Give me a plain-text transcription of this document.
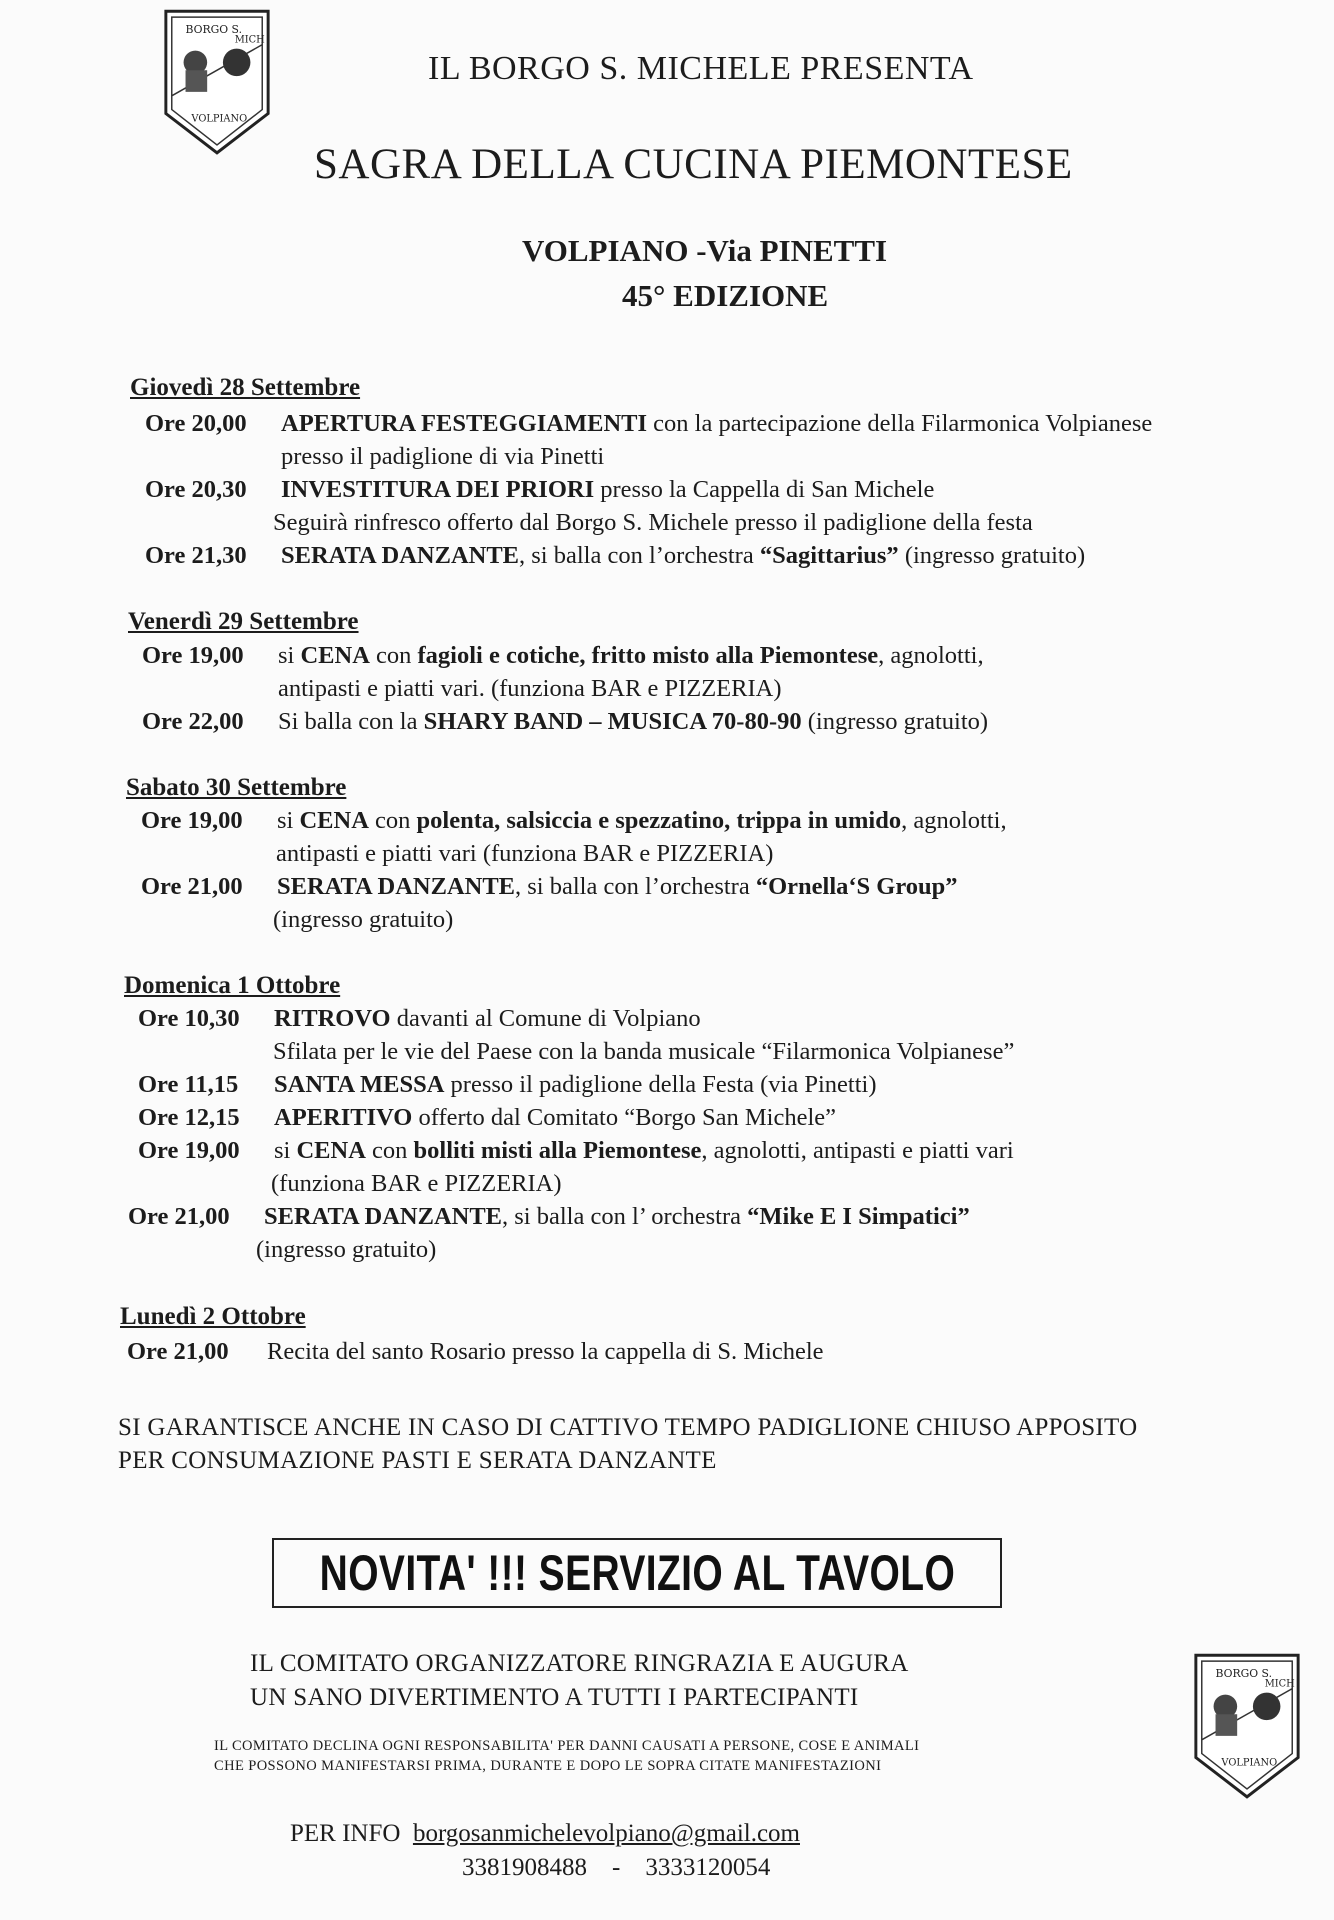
BORGO S.
MICH
VOLPIANO
IL BORGO S. MICHELE PRESENTA
SAGRA DELLA CUCINA PIEMONTESE
VOLPIANO -Via PINETTI
45° EDIZIONE
Giovedì 28 Settembre
Ore 20,00 APERTURA FESTEGGIAMENTI con la partecipazione della Filarmonica Volpianese
presso il padiglione di via Pinetti
Ore 20,30 INVESTITURA DEI PRIORI presso la Cappella di San Michele
Seguirà rinfresco offerto dal Borgo S. Michele presso il padiglione della festa
Ore 21,30 SERATA DANZANTE, si balla con l’orchestra “Sagittarius” (ingresso gratuito)
Venerdì 29 Settembre
Ore 19,00 si CENA con fagioli e cotiche, fritto misto alla Piemontese, agnolotti,
antipasti e piatti vari. (funziona BAR e PIZZERIA)
Ore 22,00 Si balla con la SHARY BAND – MUSICA 70-80-90 (ingresso gratuito)
Sabato 30 Settembre
Ore 19,00 si CENA con polenta, salsiccia e spezzatino, trippa in umido, agnolotti,
antipasti e piatti vari (funziona BAR e PIZZERIA)
Ore 21,00 SERATA DANZANTE, si balla con l’orchestra “Ornella‘S Group”
(ingresso gratuito)
Domenica 1 Ottobre
Ore 10,30 RITROVO davanti al Comune di Volpiano
Sfilata per le vie del Paese con la banda musicale “Filarmonica Volpianese”
Ore 11,15 SANTA MESSA presso il padiglione della Festa (via Pinetti)
Ore 12,15 APERITIVO offerto dal Comitato “Borgo San Michele”
Ore 19,00 si CENA con bolliti misti alla Piemontese, agnolotti, antipasti e piatti vari
(funziona BAR e PIZZERIA)
Ore 21,00 SERATA DANZANTE, si balla con l’ orchestra “Mike E I Simpatici”
(ingresso gratuito)
Lunedì 2 Ottobre
Ore 21,00 Recita del santo Rosario presso la cappella di S. Michele
SI GARANTISCE ANCHE IN CASO DI CATTIVO TEMPO PADIGLIONE CHIUSO APPOSITO
PER CONSUMAZIONE PASTI E SERATA DANZANTE
NOVITA' !!! SERVIZIO AL TAVOLO
IL COMITATO ORGANIZZATORE RINGRAZIA E AUGURA
UN SANO DIVERTIMENTO A TUTTI I PARTECIPANTI
IL COMITATO DECLINA OGNI RESPONSABILITA' PER DANNI CAUSATI A PERSONE, COSE E ANIMALI
CHE POSSONO MANIFESTARSI PRIMA, DURANTE E DOPO LE SOPRA CITATE MANIFESTAZIONI
BORGO S.
MICH
VOLPIANO
PER INFO borgosanmichelevolpiano@gmail.com
3381908488 - 3333120054
